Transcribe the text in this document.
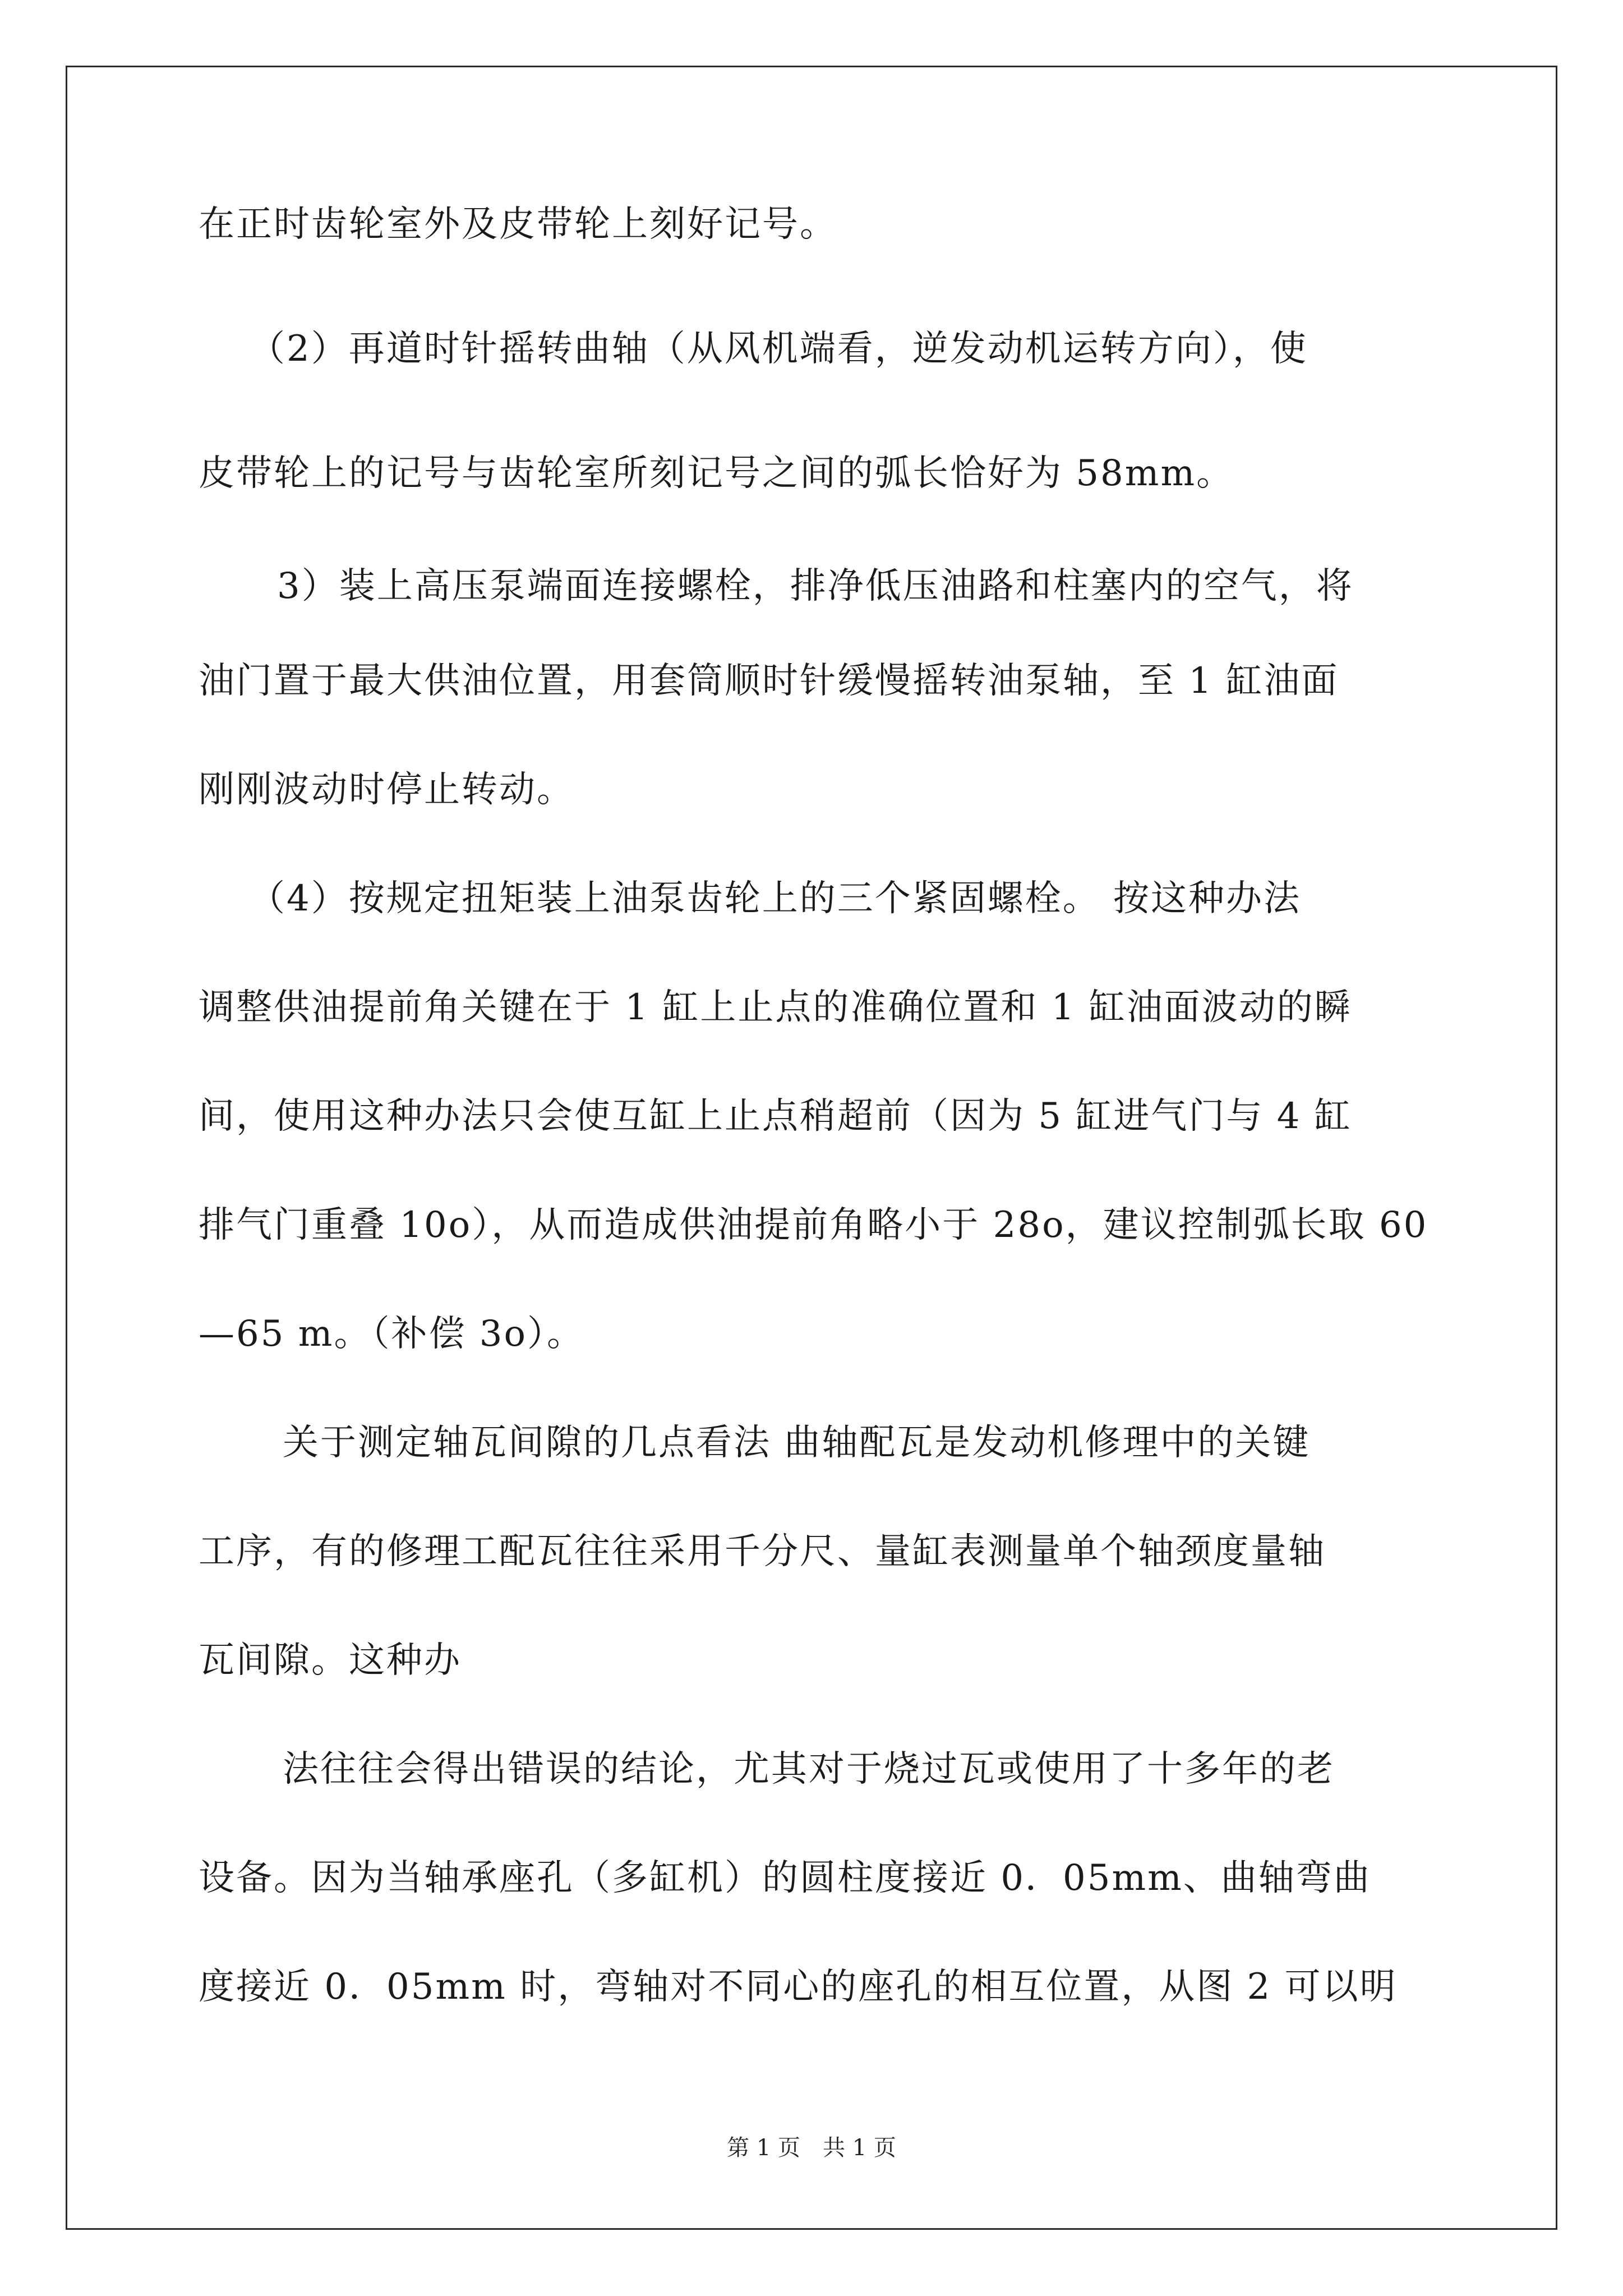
在正时齿轮室外及皮带轮上刻好记号。
（2）再道时针摇转曲轴（从风机端看，逆发动机运转方向），使
皮带轮上的记号与齿轮室所刻记号之间的弧长恰好为 58mm。
3）装上高压泵端面连接螺栓，排净低压油路和柱塞内的空气，将
油门置于最大供油位置，用套筒顺时针缓慢摇转油泵轴，至 1 缸油面
刚刚波动时停止转动。
（4）按规定扭矩装上油泵齿轮上的三个紧固螺栓。 按这种办法
调整供油提前角关键在于 1 缸上止点的准确位置和 1 缸油面波动的瞬
间，使用这种办法只会使互缸上止点稍超前（因为 5 缸进气门与 4 缸
排气门重叠 10o），从而造成供油提前角略小于 28o，建议控制弧长取 60
—65 m。（补偿 3o）。
关于测定轴瓦间隙的几点看法 曲轴配瓦是发动机修理中的关键
工序，有的修理工配瓦往往采用千分尺、量缸表测量单个轴颈度量轴
瓦间隙。这种办
法往往会得出错误的结论，尤其对于烧过瓦或使用了十多年的老
设备。因为当轴承座孔（多缸机）的圆柱度接近 0．05mm、曲轴弯曲
度接近 0．05mm 时，弯轴对不同心的座孔的相互位置，从图 2 可以明
第 1 页　共 1 页
